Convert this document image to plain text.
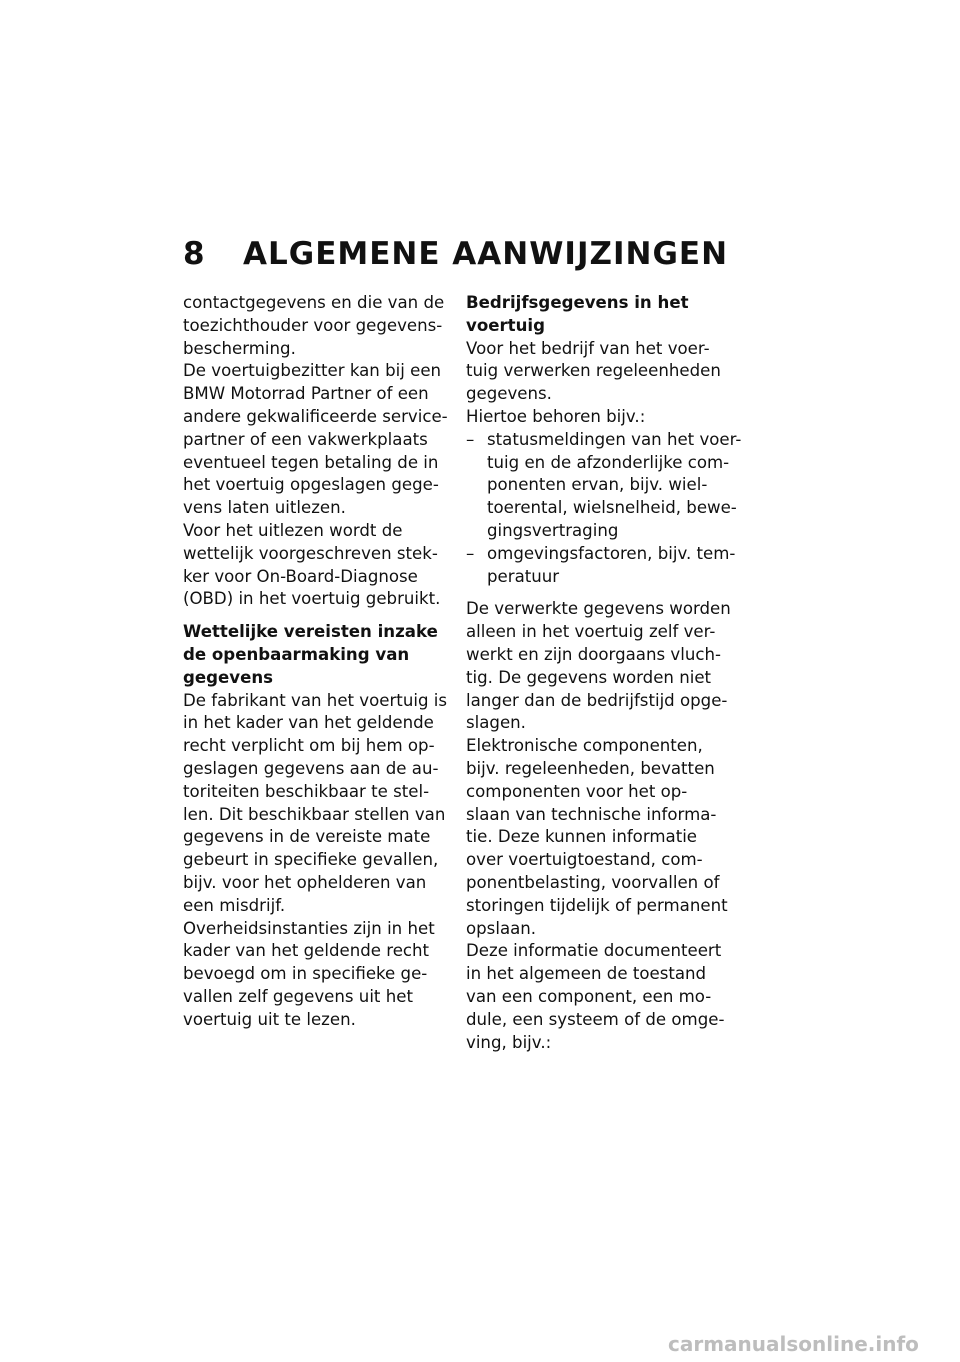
8	ALGEMENE AANWIJZINGEN
contactgegevens en die van de
toezichthouder voor gegevens-
bescherming.
De voertuigbezitter kan bij een
BMW Motorrad Partner of een
andere gekwalificeerde service-
partner of een vakwerkplaats
eventueel tegen betaling de in
het voertuig opgeslagen gege-
vens laten uitlezen.
Voor het uitlezen wordt de
wettelijk voorgeschreven stek-
ker voor On-Board-Diagnose
(OBD) in het voertuig gebruikt.
Wettelijke vereisten inzake
de openbaarmaking van
gegevens
De fabrikant van het voertuig is
in het kader van het geldende
recht verplicht om bij hem op-
geslagen gegevens aan de au-
toriteiten beschikbaar te stel-
len. Dit beschikbaar stellen van
gegevens in de vereiste mate
gebeurt in specifieke gevallen,
bijv. voor het ophelderen van
een misdrijf.
Overheidsinstanties zijn in het
kader van het geldende recht
bevoegd om in specifieke ge-
vallen zelf gegevens uit het
voertuig uit te lezen.
Bedrijfsgegevens in het
voertuig
Voor het bedrijf van het voer-
tuig verwerken regeleenheden
gegevens.
Hiertoe behoren bijv.:
– statusmeldingen van het voer-
tuig en de afzonderlijke com-
ponenten ervan, bijv. wiel-
toerental, wielsnelheid, bewe-
gingsvertraging
– omgevingsfactoren, bijv. tem-
peratuur
De verwerkte gegevens worden
alleen in het voertuig zelf ver-
werkt en zijn doorgaans vluch-
tig. De gegevens worden niet
langer dan de bedrijfstijd opge-
slagen.
Elektronische componenten,
bijv. regeleenheden, bevatten
componenten voor het op-
slaan van technische informa-
tie. Deze kunnen informatie
over voertuigtoestand, com-
ponentbelasting, voorvallen of
storingen tijdelijk of permanent
opslaan.
Deze informatie documenteert
in het algemeen de toestand
van een component, een mo-
dule, een systeem of de omge-
ving, bijv.:
carmanualsonline.info
